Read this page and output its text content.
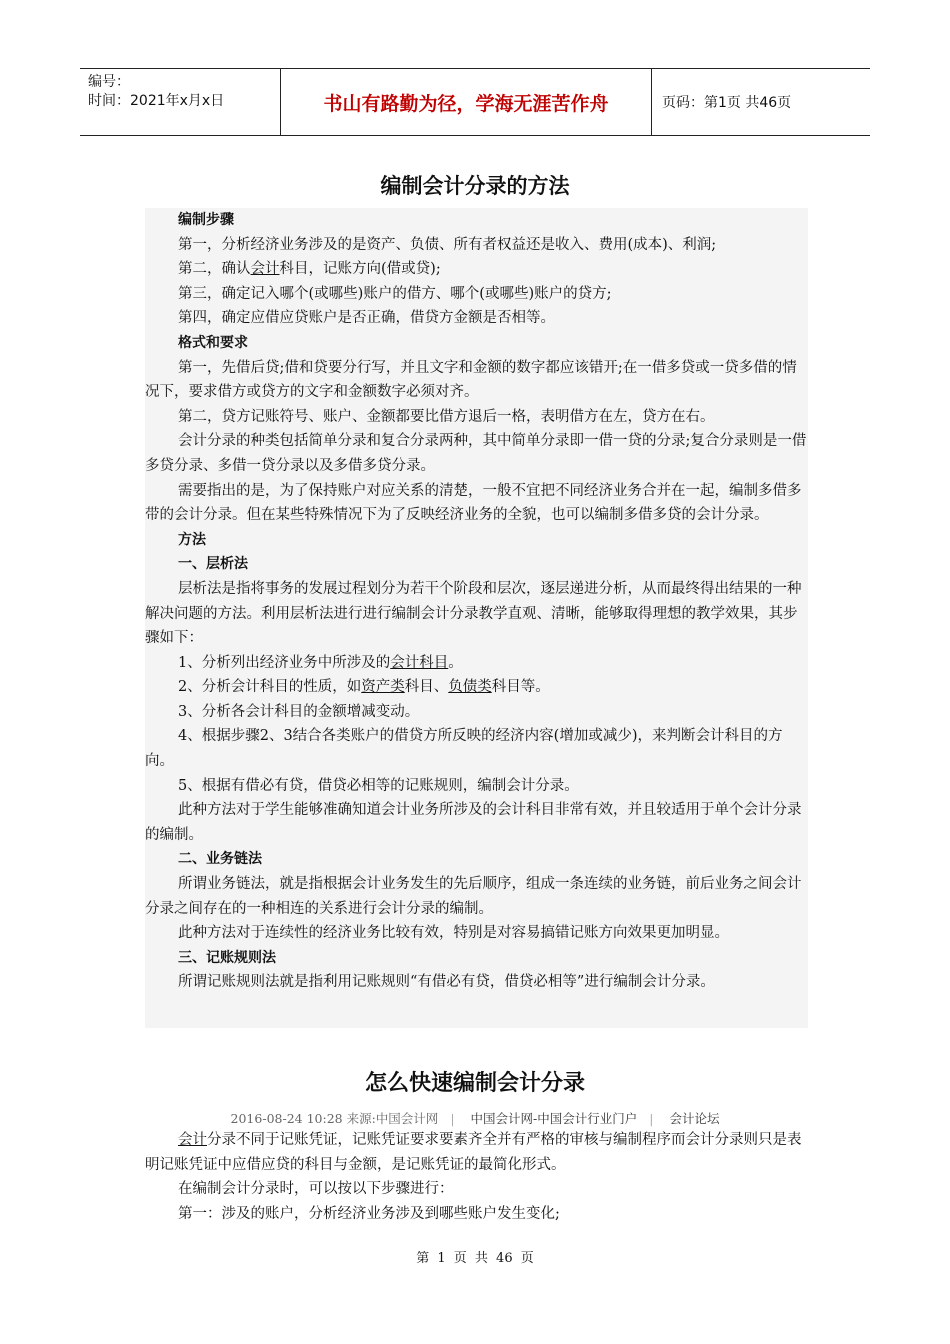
编号：
时间：2021年x月x日	书山有路勤为径，学海无涯苦作舟	页码：第1页 共46页
编制会计分录的方法

编制步骤

第一，分析经济业务涉及的是资产、负债、所有者权益还是收入、费用(成本)、利润;

第二，确认会计科目，记账方向(借或贷);

第三，确定记入哪个(或哪些)账户的借方、哪个(或哪些)账户的贷方;

第四，确定应借应贷账户是否正确，借贷方金额是否相等。

格式和要求

第一，先借后贷;借和贷要分行写，并且文字和金额的数字都应该错开;在一借多贷或一贷多借的情况下，要求借方或贷方的文字和金额数字必须对齐。

第二，贷方记账符号、账户、金额都要比借方退后一格，表明借方在左，贷方在右。

会计分录的种类包括简单分录和复合分录两种，其中简单分录即一借一贷的分录;复合分录则是一借多贷分录、多借一贷分录以及多借多贷分录。

需要指出的是，为了保持账户对应关系的清楚，一般不宜把不同经济业务合并在一起，编制多借多带的会计分录。但在某些特殊情况下为了反映经济业务的全貌，也可以编制多借多贷的会计分录。

方法

一、层析法

层析法是指将事务的发展过程划分为若干个阶段和层次，逐层递进分析，从而最终得出结果的一种解决问题的方法。利用层析法进行进行编制会计分录教学直观、清晰，能够取得理想的教学效果，其步骤如下：

1、分析列出经济业务中所涉及的会计科目。

2、分析会计科目的性质，如资产类科目、负债类科目等。

3、分析各会计科目的金额增减变动。

4、根据步骤2、3结合各类账户的借贷方所反映的经济内容(增加或减少)，来判断会计科目的方向。

5、根据有借必有贷，借贷必相等的记账规则，编制会计分录。

此种方法对于学生能够准确知道会计业务所涉及的会计科目非常有效，并且较适用于单个会计分录的编制。

二、业务链法

所谓业务链法，就是指根据会计业务发生的先后顺序，组成一条连续的业务链，前后业务之间会计分录之间存在的一种相连的关系进行会计分录的编制。

此种方法对于连续性的经济业务比较有效，特别是对容易搞错记账方向效果更加明显。

三、记账规则法

所谓记账规则法就是指利用记账规则“有借必有贷，借贷必相等”进行编制会计分录。

怎么快速编制会计分录
2016-08-24 10:28 来源:中国会计网 | 中国会计网-中国会计行业门户 | 会计论坛

会计分录不同于记账凭证，记账凭证要求要素齐全并有严格的审核与编制程序而会计分录则只是表明记账凭证中应借应贷的科目与金额，是记账凭证的最简化形式。

在编制会计分录时，可以按以下步骤进行：

第一：涉及的账户，分析经济业务涉及到哪些账户发生变化;

第 1 页 共 46 页
